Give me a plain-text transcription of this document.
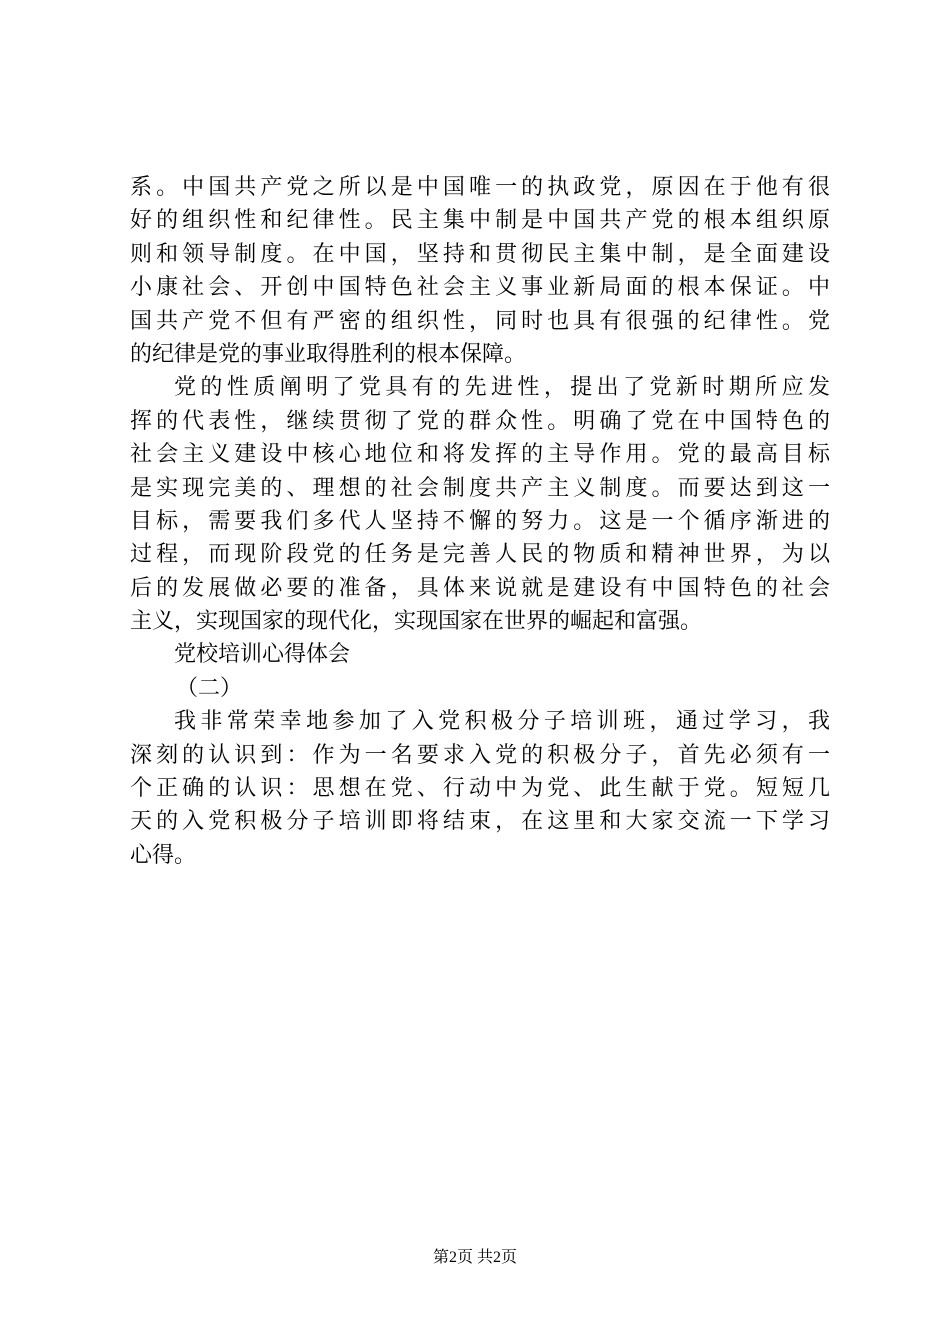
系。中国共产党之所以是中国唯一的执政党，原因在于他有很
好的组织性和纪律性。民主集中制是中国共产党的根本组织原
则和领导制度。在中国，坚持和贯彻民主集中制，是全面建设
小康社会、开创中国特色社会主义事业新局面的根本保证。中
国共产党不但有严密的组织性，同时也具有很强的纪律性。党
的纪律是党的事业取得胜利的根本保障。
党的性质阐明了党具有的先进性，提出了党新时期所应发
挥的代表性，继续贯彻了党的群众性。明确了党在中国特色的
社会主义建设中核心地位和将发挥的主导作用。党的最高目标
是实现完美的、理想的社会制度共产主义制度。而要达到这一
目标，需要我们多代人坚持不懈的努力。这是一个循序渐进的
过程，而现阶段党的任务是完善人民的物质和精神世界，为以
后的发展做必要的准备，具体来说就是建设有中国特色的社会
主义，实现国家的现代化，实现国家在世界的崛起和富强。
党校培训心得体会
（二）
我非常荣幸地参加了入党积极分子培训班，通过学习，我
深刻的认识到：作为一名要求入党的积极分子，首先必须有一
个正确的认识：思想在党、行动中为党、此生献于党。短短几
天的入党积极分子培训即将结束，在这里和大家交流一下学习
心得。
第2页 共2页
